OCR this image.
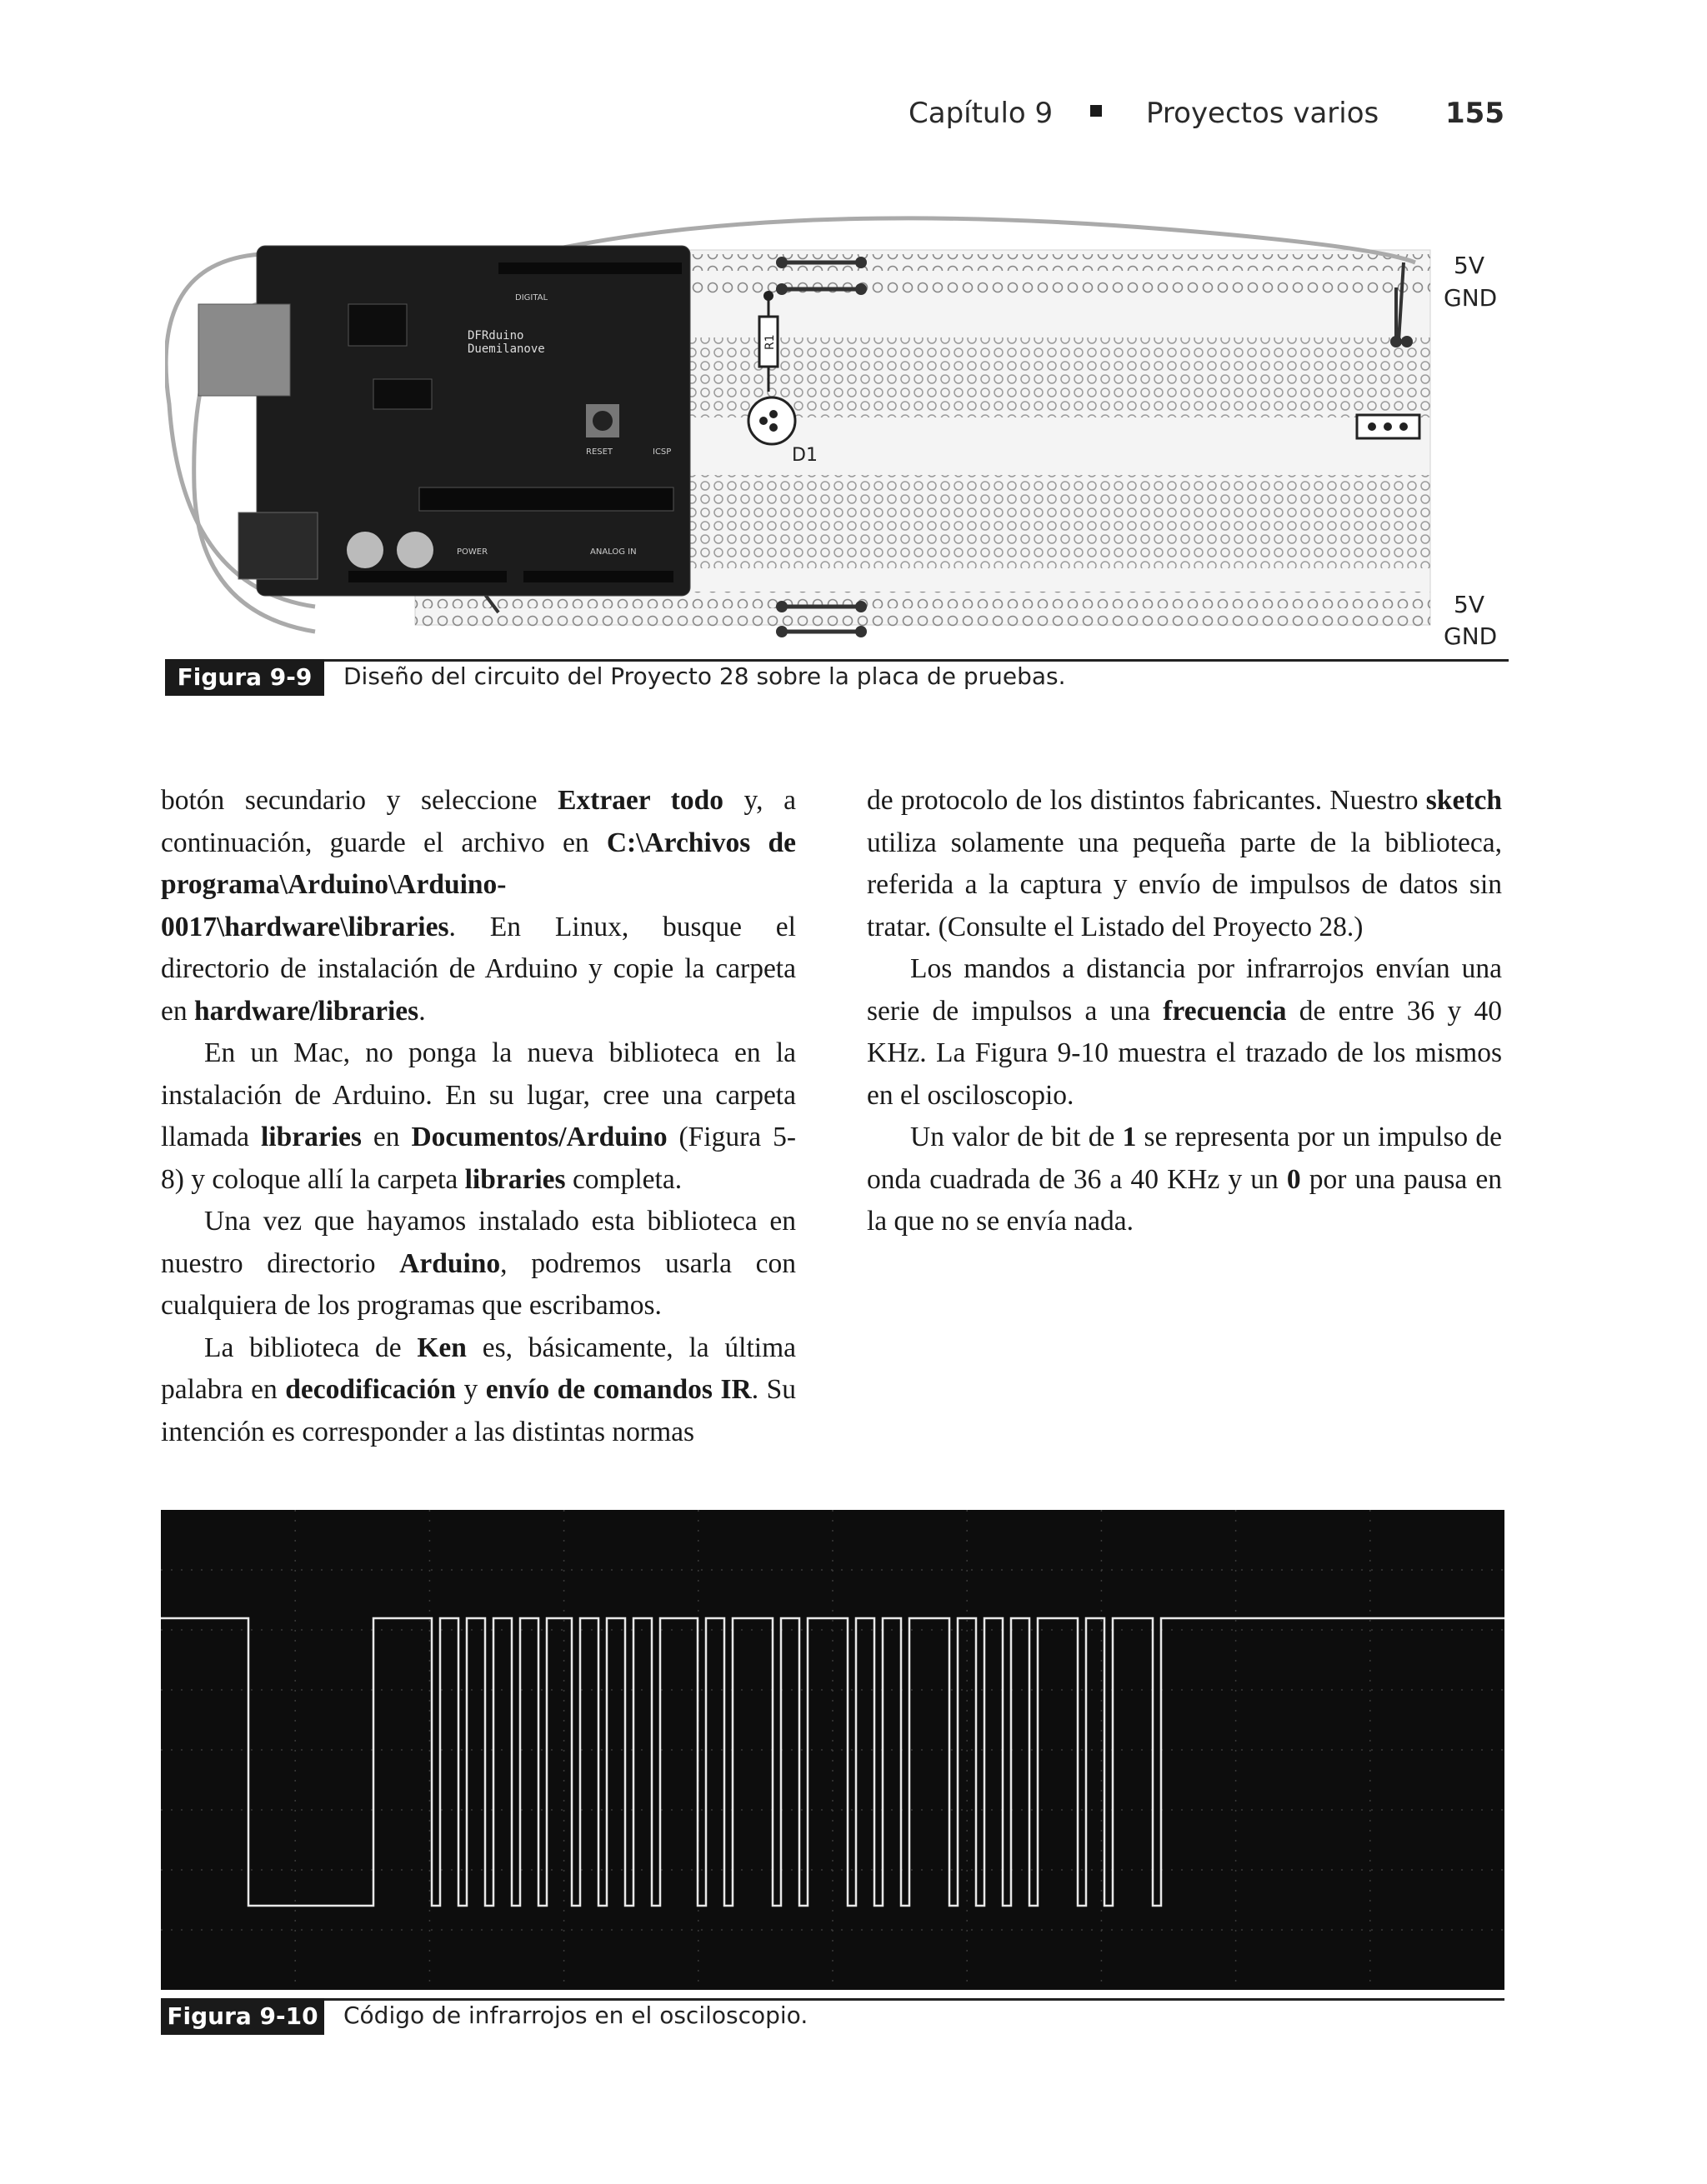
Capítulo 9	Proyectos varios 155
DFRduino
Duemilanove
DIGITAL
POWER	ANALOG IN
RESET	ICSP
R1
D1
5V
GND
5V
GND
Figura 9-9	Diseño del circuito del Proyecto 28 sobre la placa de pruebas.

botón secundario y seleccione Extraer todo y, a continuación, guarde el archivo en C:\Archivos de programa\Arduino\Arduino-0017\hardware\libraries. En Linux, busque el directorio de instalación de Arduino y copie la carpeta en hardware/libraries.

En un Mac, no ponga la nueva biblioteca en la instalación de Arduino. En su lugar, cree una carpeta llamada libraries en Documentos/Arduino (Figura 5-8) y coloque allí la carpeta libraries completa.

Una vez que hayamos instalado esta biblioteca en nuestro directorio Arduino, podremos usarla con cualquiera de los programas que escribamos.

La biblioteca de Ken es, básicamente, la última palabra en decodificación y envío de comandos IR. Su intención es corresponder a las distintas normas

de protocolo de los distintos fabricantes. Nuestro sketch utiliza solamente una pequeña parte de la biblioteca, referida a la captura y envío de impulsos de datos sin tratar. (Consulte el Listado del Proyecto 28.)

Los mandos a distancia por infrarrojos envían una serie de impulsos a una frecuencia de entre 36 y 40 KHz. La Figura 9-10 muestra el trazado de los mismos en el osciloscopio.

Un valor de bit de 1 se representa por un impulso de onda cuadrada de 36 a 40 KHz y un 0 por una pausa en la que no se envía nada.

Figura 9-10 Código de infrarrojos en el osciloscopio.
